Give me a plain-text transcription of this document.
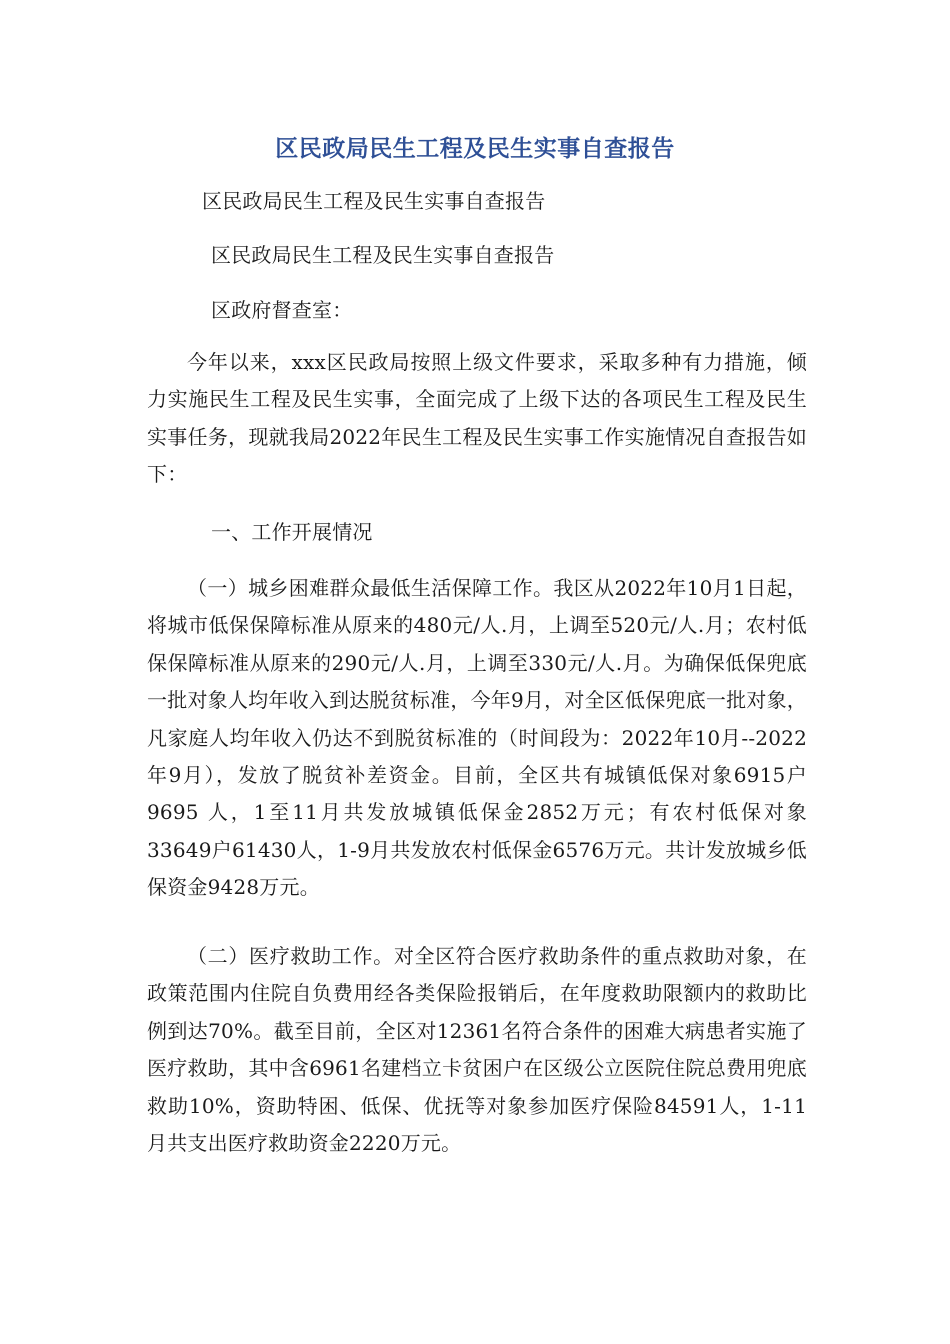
区民政局民生工程及民生实事自查报告
区民政局民生工程及民生实事自查报告
区民政局民生工程及民生实事自查报告
区政府督查室：

今年以来，xxx区民政局按照上级文件要求，采取多种有力措施，倾力实施民生工程及民生实事，全面完成了上级下达的各项民生工程及民生实事任务，现就我局2022年民生工程及民生实事工作实施情况自查报告如下：

一、工作开展情况

（一）城乡困难群众最低生活保障工作。我区从2022年10月1日起，将城市低保保障标准从原来的480元/人.月，上调至520元/人.月；农村低保保障标准从原来的290元/人.月，上调至330元/人.月。为确保低保兜底一批对象人均年收入到达脱贫标准，今年9月，对全区低保兜底一批对象，凡家庭人均年收入仍达不到脱贫标准的（时间段为：2022年10月--2022年9月），发放了脱贫补差资金。目前，全区共有城镇低保对象6915户9695 人，1至11月共发放城镇低保金2852万元；有农村低保对象 33649户61430人，1-9月共发放农村低保金6576万元。共计发放城乡低保资金9428万元。

（二）医疗救助工作。对全区符合医疗救助条件的重点救助对象，在政策范围内住院自负费用经各类保险报销后，在年度救助限额内的救助比例到达70%。截至目前，全区对12361名符合条件的困难大病患者实施了医疗救助，其中含6961名建档立卡贫困户在区级公立医院住院总费用兜底救助10%，资助特困、低保、优抚等对象参加医疗保险84591人，1-11月共支出医疗救助资金2220万元。
